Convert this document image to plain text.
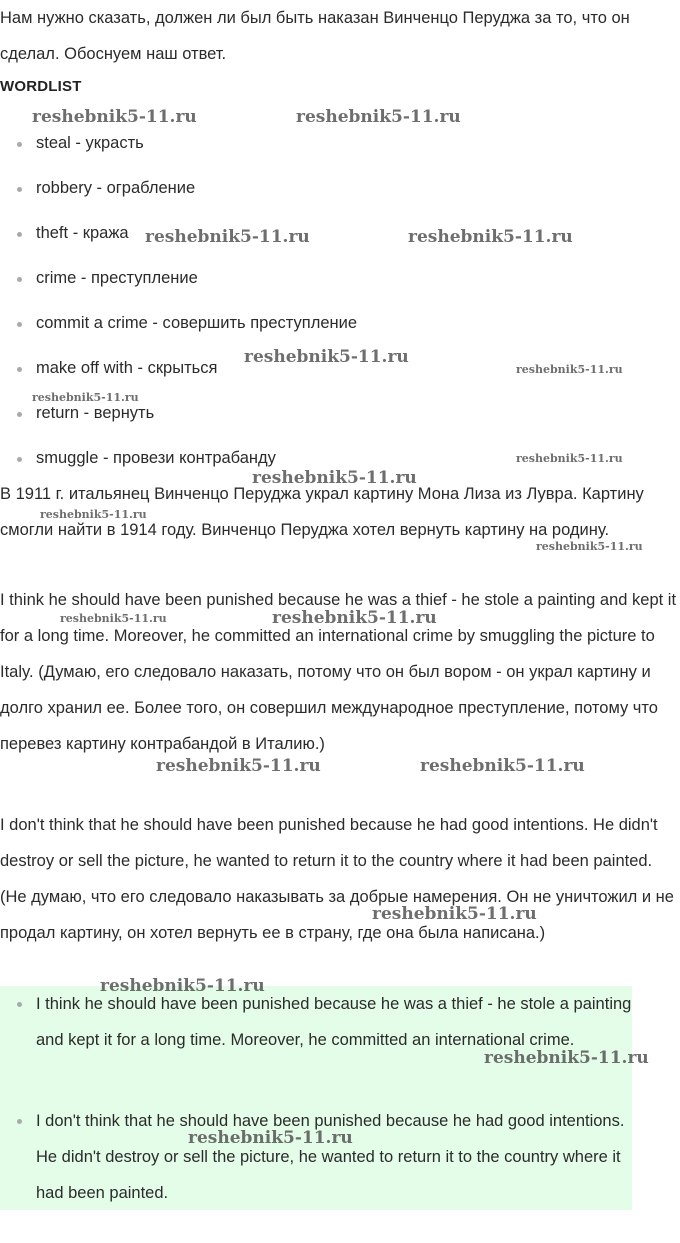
Нам нужно сказать, должен ли был быть наказан Винченцо Перуджа за то, что он сделал. Обоснуем наш ответ.

WORDLIST
steal - украсть
robbery - ограбление
theft - кража
crime - преступление
commit a crime - совершить преступление
make off with - скрыться
return - вернуть
smuggle - провези контрабанду

В 1911 г. итальянец Винченцо Перуджа украл картину Мона Лиза из Лувра. Картину смогли найти в 1914 году. Винченцо Перуджа хотел вернуть картину на родину.

I think he should have been punished because he was a thief - he stole a painting and kept it for a long time. Moreover, he committed an international crime by smuggling the picture to Italy. (Думаю, его следовало наказать, потому что он был вором - он украл картину и долго хранил ее. Более того, он совершил международное преступление, потому что перевез картину контрабандой в Италию.)

I don't think that he should have been punished because he had good intentions. He didn't destroy or sell the picture, he wanted to return it to the country where it had been painted. (Не думаю, что его следовало наказывать за добрые намерения. Он не уничтожил и не продал картину, он хотел вернуть ее в страну, где она была написана.)

I think he should have been punished because he was a thief - he stole a painting and kept it for a long time. Moreover, he committed an international crime.
I don't think that he should have been punished because he had good intentions. He didn't destroy or sell the picture, he wanted to return it to the country where it had been painted.
reshebnik5-11.ru	reshebnik5-11.ru
reshebnik5-11.ru	reshebnik5-11.ru
reshebnik5-11.ru
reshebnik5-11.ru
reshebnik5-11.ru
reshebnik5-11.ru
reshebnik5-11.ru
reshebnik5-11.ru
reshebnik5-11.ru
reshebnik5-11.ru	reshebnik5-11.ru
reshebnik5-11.ru	reshebnik5-11.ru
reshebnik5-11.ru
reshebnik5-11.ru
reshebnik5-11.ru
reshebnik5-11.ru
